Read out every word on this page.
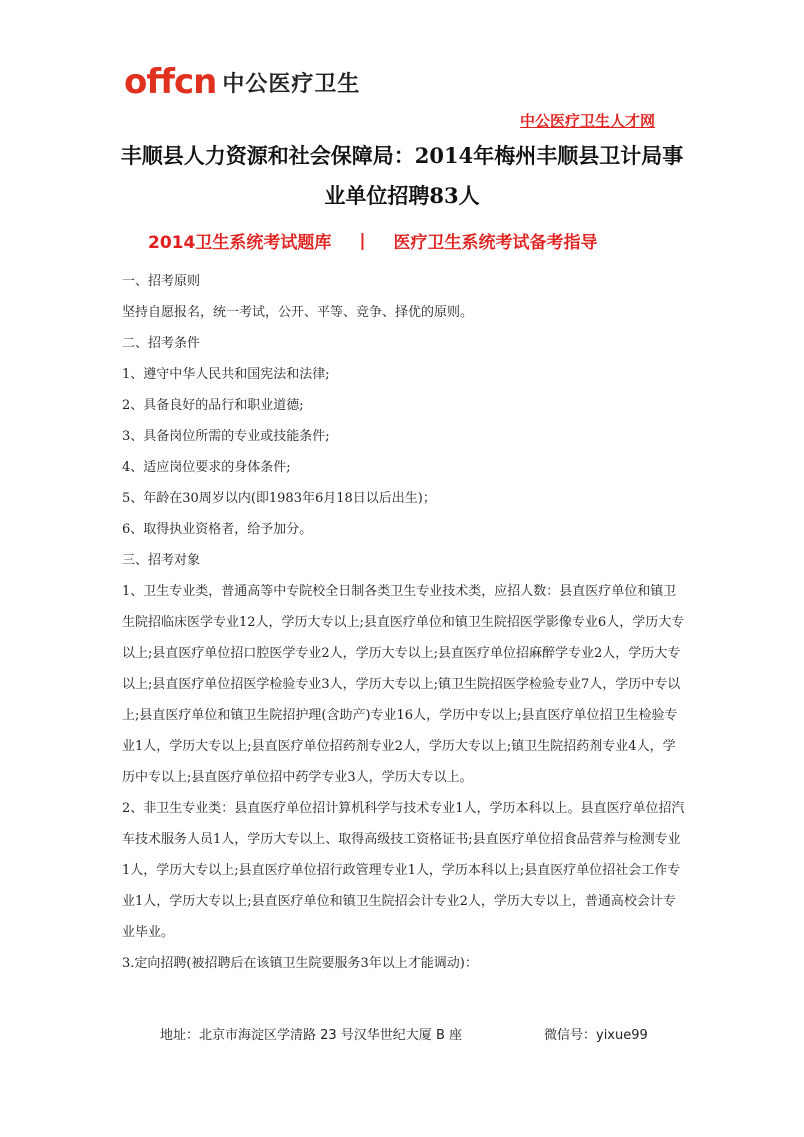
offcn 中公医疗卫生
中公医疗卫生人才网
丰顺县人力资源和社会保障局：2014年梅州丰顺县卫计局事
业单位招聘83人
2014卫生系统考试题库 | 医疗卫生系统考试备考指导

一、招考原则

坚持自愿报名，统一考试，公开、平等、竞争、择优的原则。

二、招考条件

1、遵守中华人民共和国宪法和法律;

2、具备良好的品行和职业道德;

3、具备岗位所需的专业或技能条件;

4、适应岗位要求的身体条件;

5、年龄在30周岁以内(即1983年6月18日以后出生)；

6、取得执业资格者，给予加分。

三、招考对象

1、卫生专业类，普通高等中专院校全日制各类卫生专业技术类，应招人数：县直医疗单位和镇卫生院招临床医学专业12人，学历大专以上;县直医疗单位和镇卫生院招医学影像专业6人，学历大专以上;县直医疗单位招口腔医学专业2人，学历大专以上;县直医疗单位招麻醉学专业2人，学历大专以上;县直医疗单位招医学检验专业3人，学历大专以上;镇卫生院招医学检验专业7人，学历中专以上;县直医疗单位和镇卫生院招护理(含助产)专业16人，学历中专以上;县直医疗单位招卫生检验专业1人，学历大专以上;县直医疗单位招药剂专业2人，学历大专以上;镇卫生院招药剂专业4人，学历中专以上;县直医疗单位招中药学专业3人，学历大专以上。

2、非卫生专业类：县直医疗单位招计算机科学与技术专业1人，学历本科以上。县直医疗单位招汽车技术服务人员1人，学历大专以上、取得高级技工资格证书;县直医疗单位招食品营养与检测专业1人，学历大专以上;县直医疗单位招行政管理专业1人，学历本科以上;县直医疗单位招社会工作专业1人，学历大专以上;县直医疗单位和镇卫生院招会计专业2人，学历大专以上，普通高校会计专业毕业。

3.定向招聘(被招聘后在该镇卫生院要服务3年以上才能调动)：

地址：北京市海淀区学清路 23 号汉华世纪大厦 B 座	微信号：yixue99
